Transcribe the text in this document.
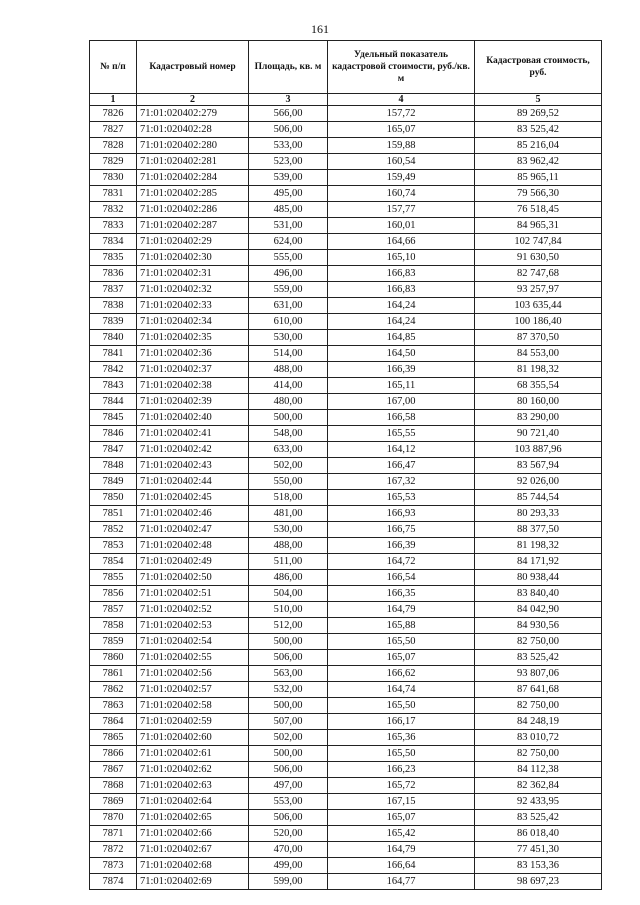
161
№ п/п	Кадастровый номер	Площадь, кв. м	Удельный показатель кадастровой стоимости, руб./кв. м	Кадастровая стоимость, руб.
1	2	3	4	5
7826	71:01:020402:279	566,00	157,72	89 269,52
7827	71:01:020402:28	506,00	165,07	83 525,42
7828	71:01:020402:280	533,00	159,88	85 216,04
7829	71:01:020402:281	523,00	160,54	83 962,42
7830	71:01:020402:284	539,00	159,49	85 965,11
7831	71:01:020402:285	495,00	160,74	79 566,30
7832	71:01:020402:286	485,00	157,77	76 518,45
7833	71:01:020402:287	531,00	160,01	84 965,31
7834	71:01:020402:29	624,00	164,66	102 747,84
7835	71:01:020402:30	555,00	165,10	91 630,50
7836	71:01:020402:31	496,00	166,83	82 747,68
7837	71:01:020402:32	559,00	166,83	93 257,97
7838	71:01:020402:33	631,00	164,24	103 635,44
7839	71:01:020402:34	610,00	164,24	100 186,40
7840	71:01:020402:35	530,00	164,85	87 370,50
7841	71:01:020402:36	514,00	164,50	84 553,00
7842	71:01:020402:37	488,00	166,39	81 198,32
7843	71:01:020402:38	414,00	165,11	68 355,54
7844	71:01:020402:39	480,00	167,00	80 160,00
7845	71:01:020402:40	500,00	166,58	83 290,00
7846	71:01:020402:41	548,00	165,55	90 721,40
7847	71:01:020402:42	633,00	164,12	103 887,96
7848	71:01:020402:43	502,00	166,47	83 567,94
7849	71:01:020402:44	550,00	167,32	92 026,00
7850	71:01:020402:45	518,00	165,53	85 744,54
7851	71:01:020402:46	481,00	166,93	80 293,33
7852	71:01:020402:47	530,00	166,75	88 377,50
7853	71:01:020402:48	488,00	166,39	81 198,32
7854	71:01:020402:49	511,00	164,72	84 171,92
7855	71:01:020402:50	486,00	166,54	80 938,44
7856	71:01:020402:51	504,00	166,35	83 840,40
7857	71:01:020402:52	510,00	164,79	84 042,90
7858	71:01:020402:53	512,00	165,88	84 930,56
7859	71:01:020402:54	500,00	165,50	82 750,00
7860	71:01:020402:55	506,00	165,07	83 525,42
7861	71:01:020402:56	563,00	166,62	93 807,06
7862	71:01:020402:57	532,00	164,74	87 641,68
7863	71:01:020402:58	500,00	165,50	82 750,00
7864	71:01:020402:59	507,00	166,17	84 248,19
7865	71:01:020402:60	502,00	165,36	83 010,72
7866	71:01:020402:61	500,00	165,50	82 750,00
7867	71:01:020402:62	506,00	166,23	84 112,38
7868	71:01:020402:63	497,00	165,72	82 362,84
7869	71:01:020402:64	553,00	167,15	92 433,95
7870	71:01:020402:65	506,00	165,07	83 525,42
7871	71:01:020402:66	520,00	165,42	86 018,40
7872	71:01:020402:67	470,00	164,79	77 451,30
7873	71:01:020402:68	499,00	166,64	83 153,36
7874	71:01:020402:69	599,00	164,77	98 697,23
